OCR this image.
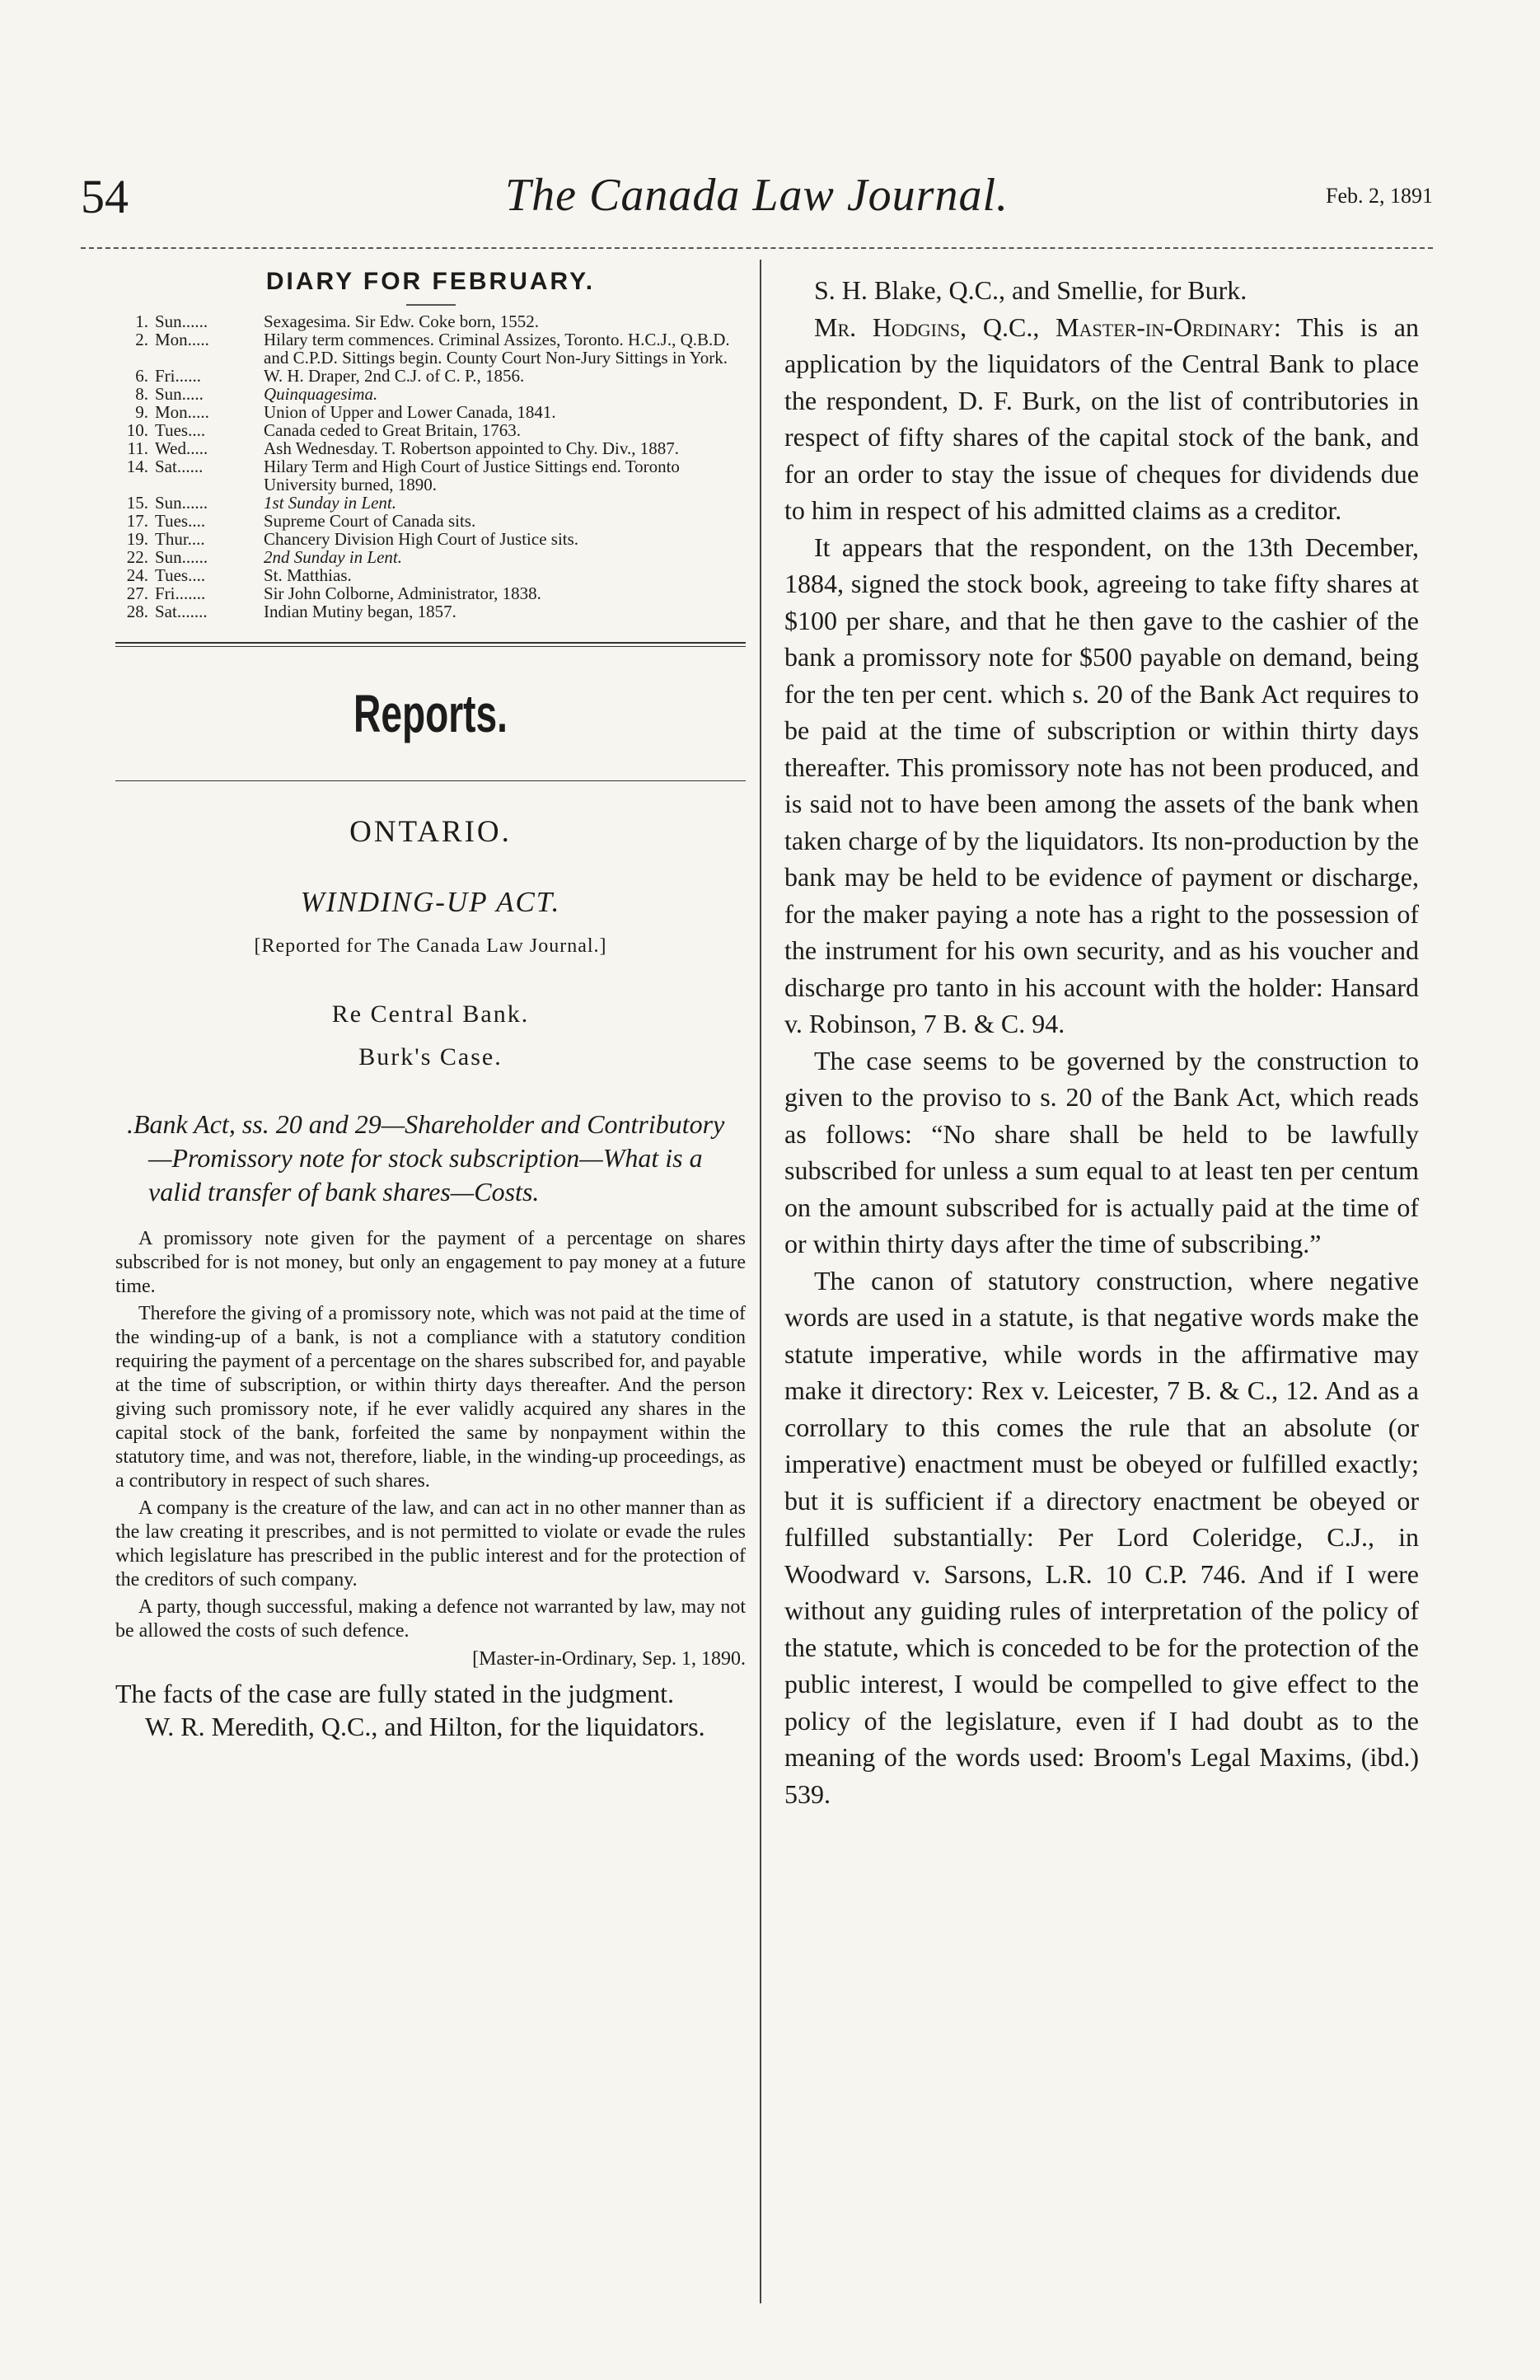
54	The Canada Law Journal.	Feb. 2, 1891
DIARY FOR FEBRUARY.
1. Sun......	Sexagesima. Sir Edw. Coke born, 1552.
2. Mon.....	Hilary term commences. Criminal Assizes, Toronto. H.C.J., Q.B.D. and C.P.D. Sittings begin. County Court Non-Jury Sittings in York.
6. Fri......	W. H. Draper, 2nd C.J. of C. P., 1856.
8. Sun.....	Quinquagesima.
9. Mon.....	Union of Upper and Lower Canada, 1841.
10. Tues....	Canada ceded to Great Britain, 1763.
11. Wed.....	Ash Wednesday. T. Robertson appointed to Chy. Div., 1887.
14. Sat......	Hilary Term and High Court of Justice Sittings end. Toronto University burned, 1890.
15. Sun......	1st Sunday in Lent.
17. Tues....	Supreme Court of Canada sits.
19. Thur....	Chancery Division High Court of Justice sits.
22. Sun......	2nd Sunday in Lent.
24. Tues....	St. Matthias.
27. Fri.......	Sir John Colborne, Administrator, 1838.
28. Sat.......	Indian Mutiny began, 1857.
Reports.
ONTARIO.
WINDING-UP ACT.
[Reported for The Canada Law Journal.]
Re Central Bank.
Burk's Case.
.Bank Act, ss. 20 and 29—Shareholder and Contributory—Promissory note for stock subscription—What is a valid transfer of bank shares—Costs.

A promissory note given for the payment of a percentage on shares subscribed for is not money, but only an engagement to pay money at a future time.

Therefore the giving of a promissory note, which was not paid at the time of the winding-up of a bank, is not a compliance with a statutory condition requiring the payment of a percentage on the shares subscribed for, and payable at the time of subscription, or within thirty days thereafter. And the person giving such promissory note, if he ever validly acquired any shares in the capital stock of the bank, forfeited the same by nonpayment within the statutory time, and was not, therefore, liable, in the winding-up proceedings, as a contributory in respect of such shares.

A company is the creature of the law, and can act in no other manner than as the law creating it prescribes, and is not permitted to violate or evade the rules which legislature has prescribed in the public interest and for the protection of the creditors of such company.

A party, though successful, making a defence not warranted by law, may not be allowed the costs of such defence.

[Master-in-Ordinary, Sep. 1, 1890.

The facts of the case are fully stated in the judgment.

W. R. Meredith, Q.C., and Hilton, for the liquidators.

S. H. Blake, Q.C., and Smellie, for Burk.

Mr. Hodgins, Q.C., Master-in-Ordinary: This is an application by the liquidators of the Central Bank to place the respondent, D. F. Burk, on the list of contributories in respect of fifty shares of the capital stock of the bank, and for an order to stay the issue of cheques for dividends due to him in respect of his admitted claims as a creditor.

It appears that the respondent, on the 13th December, 1884, signed the stock book, agreeing to take fifty shares at $100 per share, and that he then gave to the cashier of the bank a promissory note for $500 payable on demand, being for the ten per cent. which s. 20 of the Bank Act requires to be paid at the time of subscription or within thirty days thereafter. This promissory note has not been produced, and is said not to have been among the assets of the bank when taken charge of by the liquidators. Its non-production by the bank may be held to be evidence of payment or discharge, for the maker paying a note has a right to the possession of the instrument for his own security, and as his voucher and discharge pro tanto in his account with the holder: Hansard v. Robinson, 7 B. & C. 94.

The case seems to be governed by the construction to given to the proviso to s. 20 of the Bank Act, which reads as follows: “No share shall be held to be lawfully subscribed for unless a sum equal to at least ten per centum on the amount subscribed for is actually paid at the time of or within thirty days after the time of subscribing.”

The canon of statutory construction, where negative words are used in a statute, is that negative words make the statute imperative, while words in the affirmative may make it directory: Rex v. Leicester, 7 B. & C., 12. And as a corrollary to this comes the rule that an absolute (or imperative) enactment must be obeyed or fulfilled exactly; but it is sufficient if a directory enactment be obeyed or fulfilled substantially: Per Lord Coleridge, C.J., in Woodward v. Sarsons, L.R. 10 C.P. 746. And if I were without any guiding rules of interpretation of the policy of the statute, which is conceded to be for the protection of the public interest, I would be compelled to give effect to the policy of the legislature, even if I had doubt as to the meaning of the words used: Broom's Legal Maxims, (ibd.) 539.
